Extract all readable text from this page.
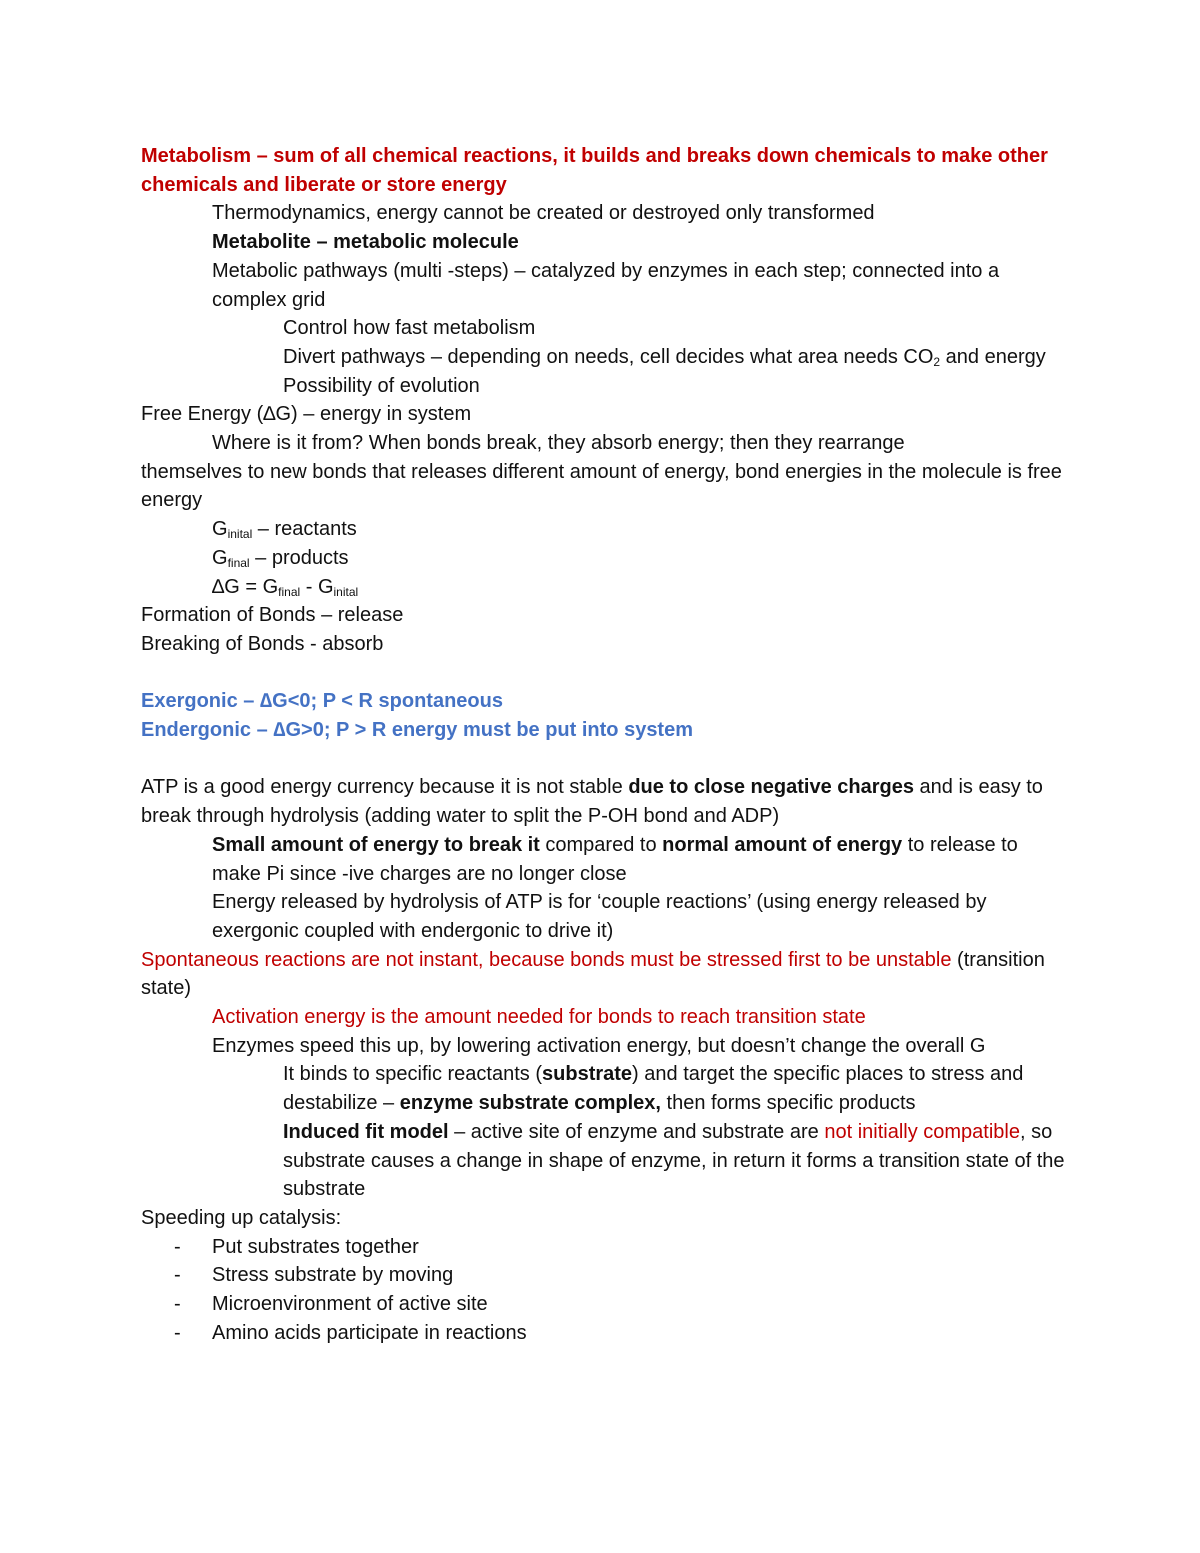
Metabolism – sum of all chemical reactions, it builds and breaks down chemicals to make other chemicals and liberate or store energy

Thermodynamics, energy cannot be created or destroyed only transformed

Metabolite – metabolic molecule

Metabolic pathways (multi -steps) – catalyzed by enzymes in each step; connected into a complex grid

Control how fast metabolism

Divert pathways – depending on needs, cell decides what area needs $CO_2$ and energy

Possibility of evolution

Free Energy (∆G) – energy in system

Where is it from? When bonds break, they absorb energy; then they rearrange

themselves to new bonds that releases different amount of energy, bond energies in the molecule is free energy

$G_{inital}$ – reactants

$G_{final}$ – products

$\Delta G = G_{final} - G_{inital}$

Formation of Bonds – release

Breaking of Bonds - absorb

Exergonic – ∆G<0; P < R spontaneous

Endergonic – ∆G>0; P > R energy must be put into system

ATP is a good energy currency because it is not stable due to close negative charges and is easy to break through hydrolysis (adding water to split the P-OH bond and ADP)

Small amount of energy to break it compared to normal amount of energy to release to make Pi since -ive charges are no longer close

Energy released by hydrolysis of ATP is for ‘couple reactions’ (using energy released by exergonic coupled with endergonic to drive it)

Spontaneous reactions are not instant, because bonds must be stressed first to be unstable (transition state)

Activation energy is the amount needed for bonds to reach transition state

Enzymes speed this up, by lowering activation energy, but doesn’t change the overall G

It binds to specific reactants (substrate) and target the specific places to stress and destabilize – enzyme substrate complex, then forms specific products

Induced fit model – active site of enzyme and substrate are not initially compatible, so substrate causes a change in shape of enzyme, in return it forms a transition state of the substrate

Speeding up catalysis:

- Put substrates together
- Stress substrate by moving
- Microenvironment of active site
- Amino acids participate in reactions
